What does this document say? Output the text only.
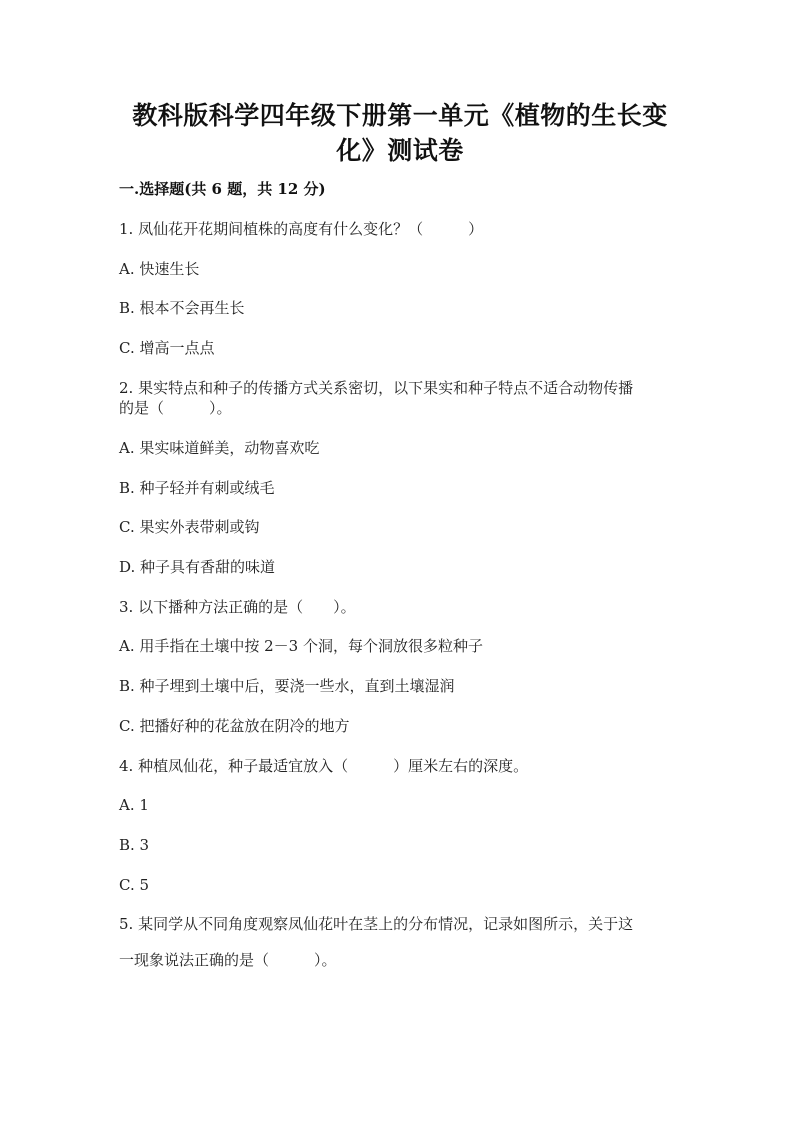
教科版科学四年级下册第一单元《植物的生长变
化》测试卷
一.选择题(共 6 题，共 12 分)
1. 凤仙花开花期间植株的高度有什么变化？（　　　）
A. 快速生长
B. 根本不会再生长
C. 增高一点点
2. 果实特点和种子的传播方式关系密切，以下果实和种子特点不适合动物传播
的是（　　　）。
A. 果实味道鲜美，动物喜欢吃
B. 种子轻并有刺或绒毛
C. 果实外表带刺或钩
D. 种子具有香甜的味道
3. 以下播种方法正确的是（　　）。
A. 用手指在土壤中按 2－3 个洞，每个洞放很多粒种子
B. 种子埋到土壤中后，要浇一些水，直到土壤湿润
C. 把播好种的花盆放在阴冷的地方
4. 种植凤仙花，种子最适宜放入（　　　）厘米左右的深度。
A. 1
B. 3
C. 5
5. 某同学从不同角度观察凤仙花叶在茎上的分布情况，记录如图所示，关于这
一现象说法正确的是（　　　）。
